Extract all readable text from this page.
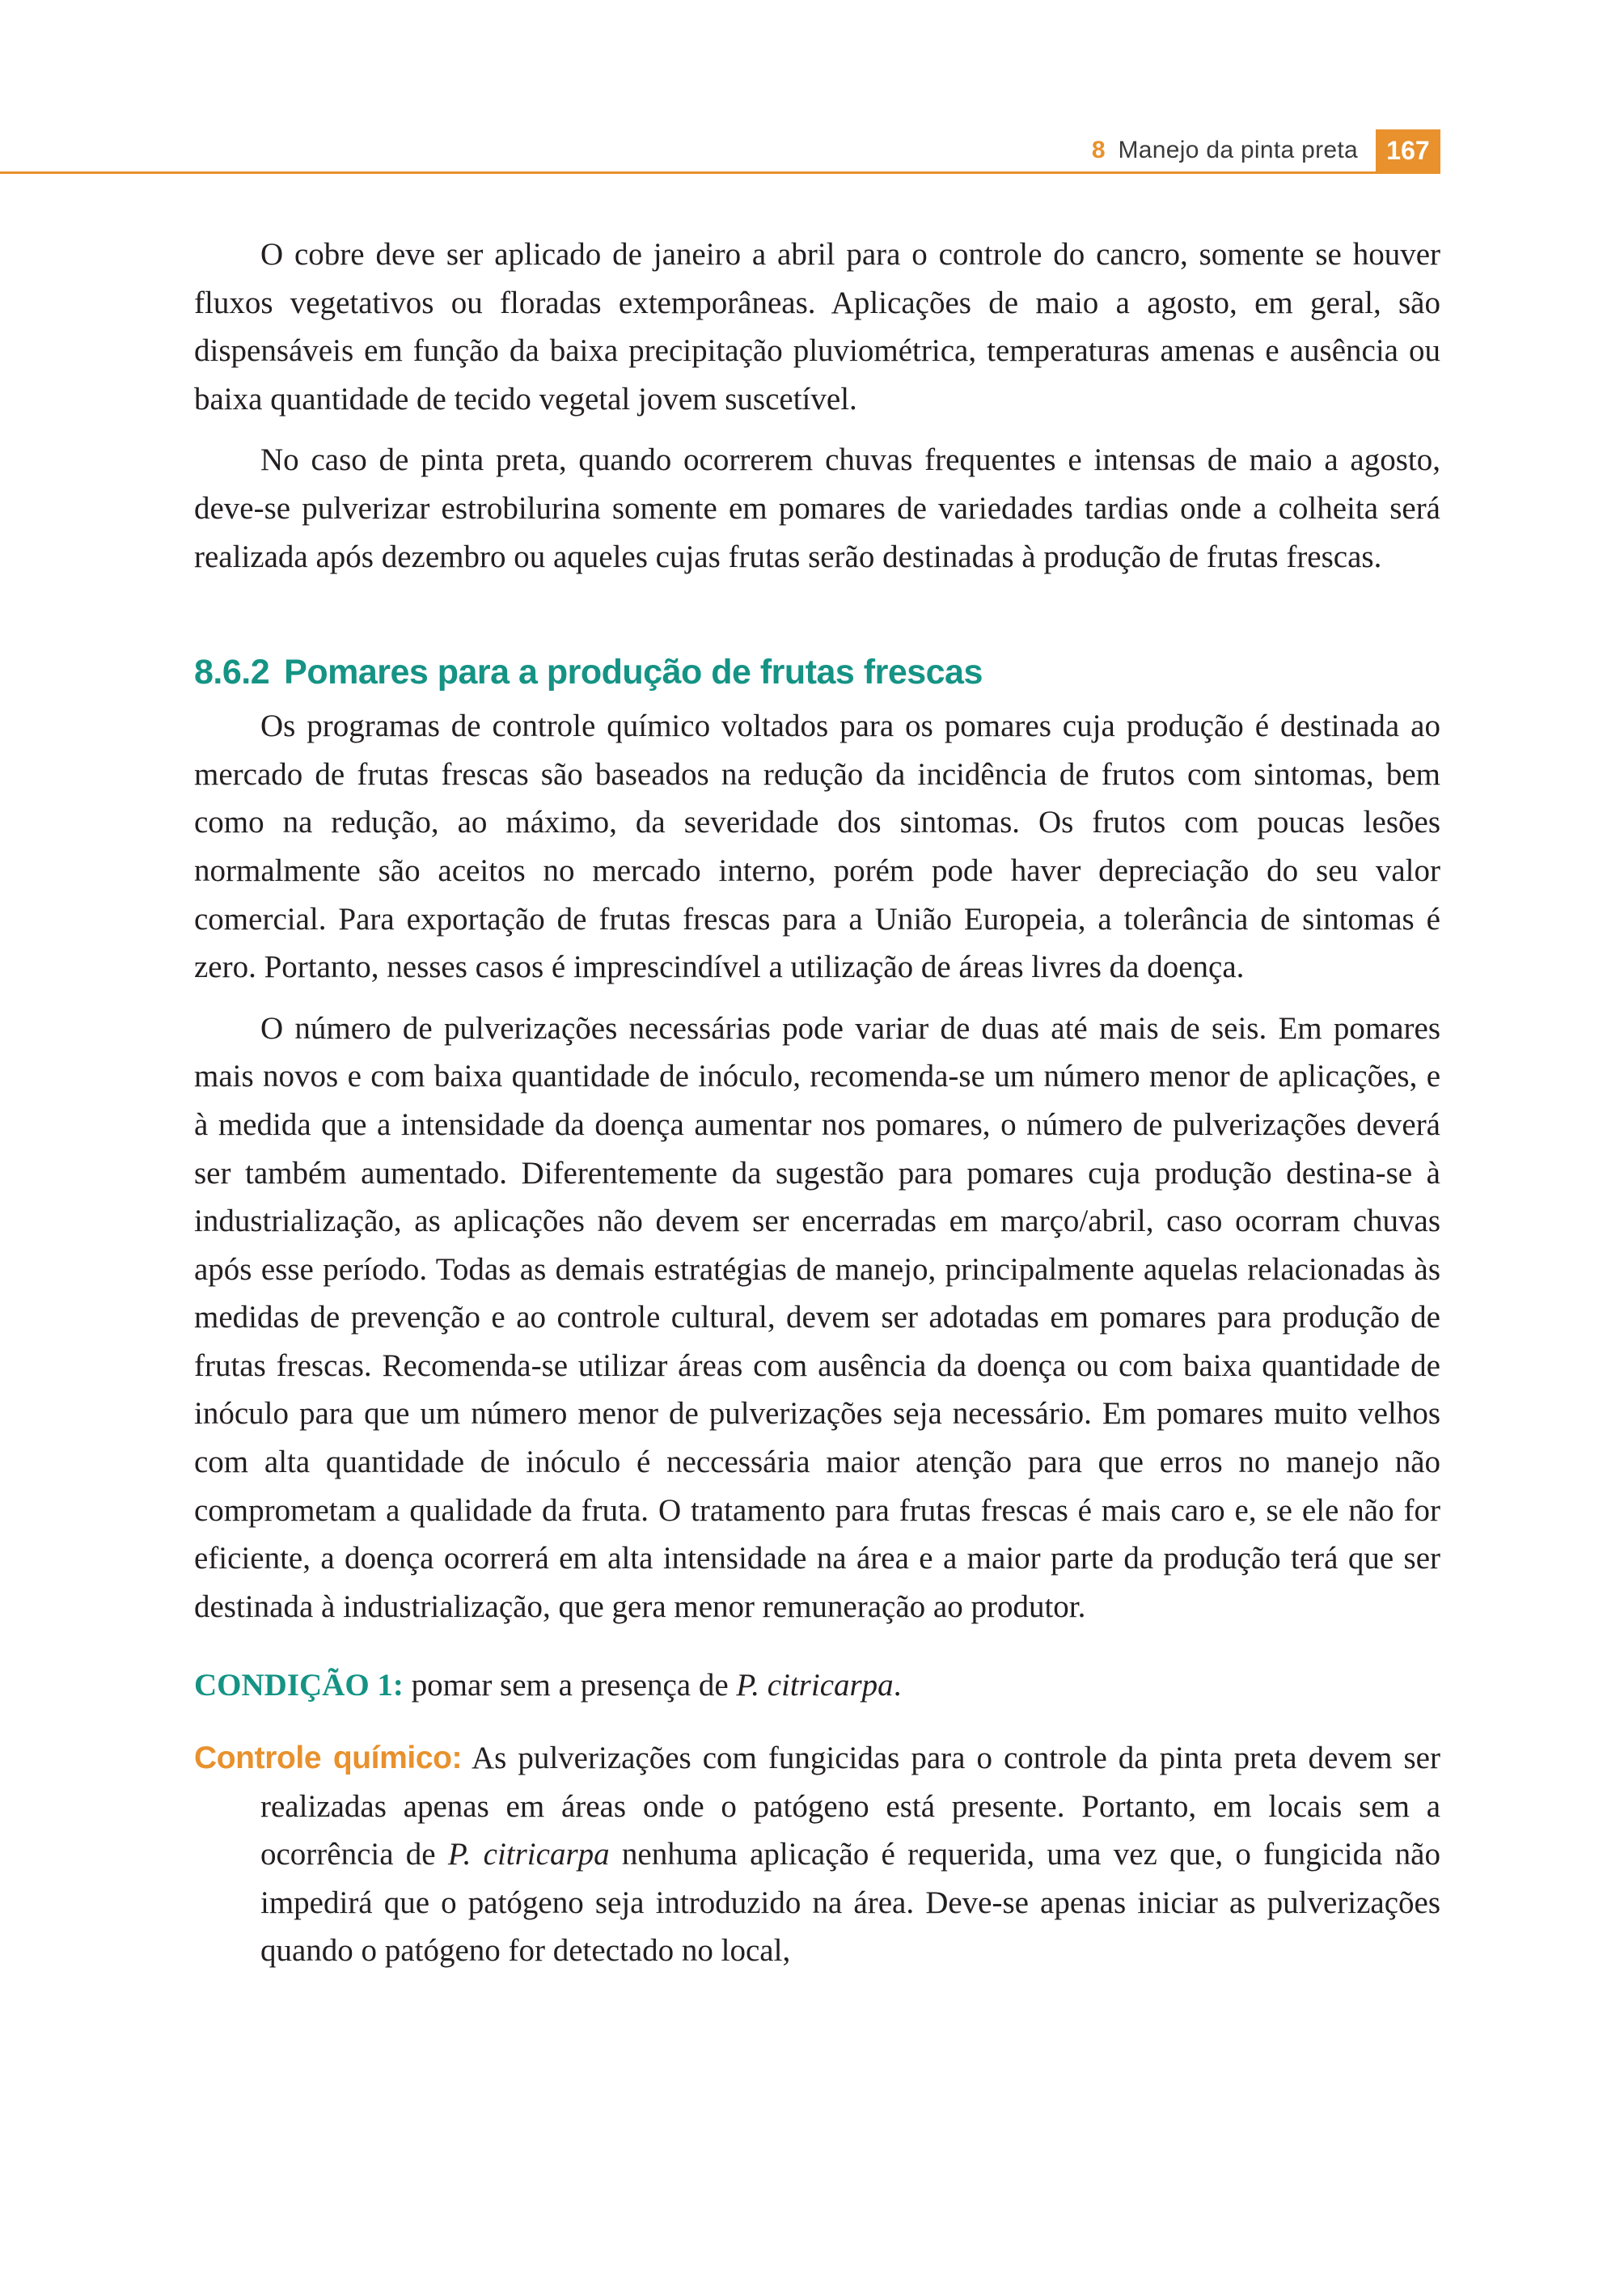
8 Manejo da pinta preta	167

O cobre deve ser aplicado de janeiro a abril para o controle do cancro, somente se houver fluxos vegetativos ou floradas extemporâneas. Aplicações de maio a agosto, em geral, são dispensáveis em função da baixa precipitação pluviométrica, temperaturas amenas e ausência ou baixa quantidade de tecido vegetal jovem suscetível.

No caso de pinta preta, quando ocorrerem chuvas frequentes e intensas de maio a agosto, deve-se pulverizar estrobilurina somente em pomares de variedades tardias onde a colheita será realizada após dezembro ou aqueles cujas frutas serão destinadas à produção de frutas frescas.

8.6.2 Pomares para a produção de frutas frescas

Os programas de controle químico voltados para os pomares cuja produção é destinada ao mercado de frutas frescas são baseados na redução da incidência de frutos com sintomas, bem como na redução, ao máximo, da severidade dos sintomas. Os frutos com poucas lesões normalmente são aceitos no mercado interno, porém pode haver depreciação do seu valor comercial. Para exportação de frutas frescas para a União Europeia, a tolerância de sintomas é zero. Portanto, nesses casos é imprescindível a utilização de áreas livres da doença.

O número de pulverizações necessárias pode variar de duas até mais de seis. Em pomares mais novos e com baixa quantidade de inóculo, recomenda-se um número menor de aplicações, e à medida que a intensidade da doença aumentar nos pomares, o número de pulverizações deverá ser também aumentado. Diferentemente da sugestão para pomares cuja produção destina-se à industrialização, as aplicações não devem ser encerradas em março/abril, caso ocorram chuvas após esse período. Todas as demais estratégias de manejo, principalmente aquelas relacionadas às medidas de prevenção e ao controle cultural, devem ser adotadas em pomares para produção de frutas frescas. Recomenda-se utilizar áreas com ausência da doença ou com baixa quantidade de inóculo para que um número menor de pulverizações seja necessário. Em pomares muito velhos com alta quantidade de inóculo é neccessária maior atenção para que erros no manejo não comprometam a qualidade da fruta. O tratamento para frutas frescas é mais caro e, se ele não for eficiente, a doença ocorrerá em alta intensidade na área e a maior parte da produção terá que ser destinada à industrialização, que gera menor remuneração ao produtor.

CONDIÇÃO 1: pomar sem a presença de P. citricarpa.

Controle químico: As pulverizações com fungicidas para o controle da pinta preta devem ser realizadas apenas em áreas onde o patógeno está presente. Portanto, em locais sem a ocorrência de P. citricarpa nenhuma aplicação é requerida, uma vez que, o fungicida não impedirá que o patógeno seja introduzido na área. Deve-se apenas iniciar as pulverizações quando o patógeno for detectado no local,
